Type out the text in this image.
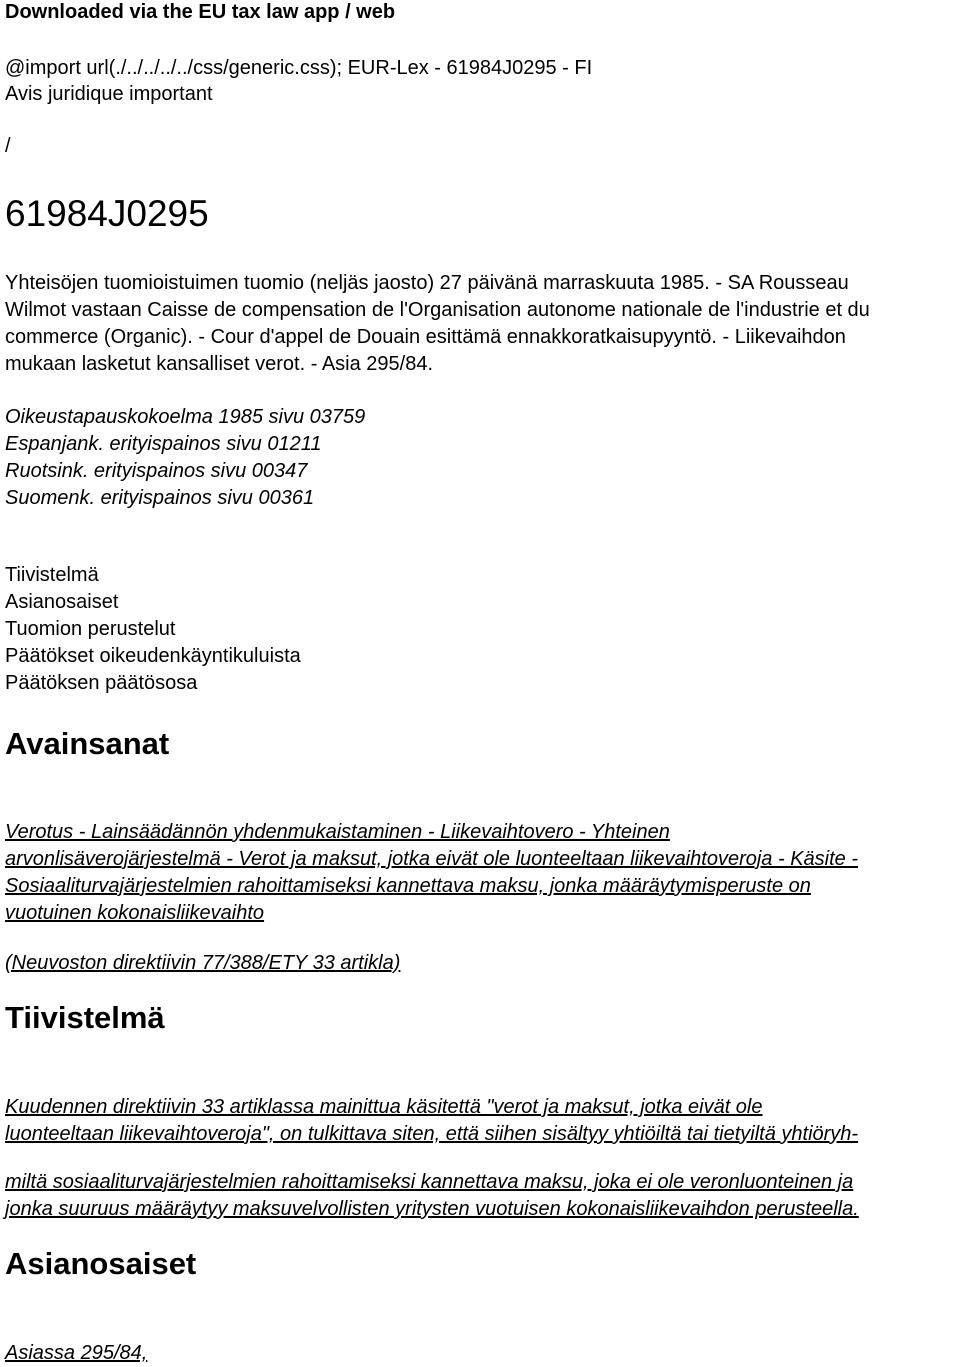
Downloaded via the EU tax law app / web
@import url(./../../../../css/generic.css); EUR-Lex - 61984J0295 - FI
Avis juridique important
/
61984J0295
Yhteisöjen tuomioistuimen tuomio (neljäs jaosto) 27 päivänä marraskuuta 1985. - SA Rousseau
Wilmot vastaan Caisse de compensation de l'Organisation autonome nationale de l'industrie et du
commerce (Organic). - Cour d'appel de Douain esittämä ennakkoratkaisupyyntö. - Liikevaihdon
mukaan lasketut kansalliset verot. - Asia 295/84.
Oikeustapauskokoelma 1985 sivu 03759
Espanjank. erityispainos sivu 01211
Ruotsink. erityispainos sivu 00347
Suomenk. erityispainos sivu 00361
Tiivistelmä
Asianosaiset
Tuomion perustelut
Päätökset oikeudenkäyntikuluista
Päätöksen päätösosa
Avainsanat
Verotus - Lainsäädännön yhdenmukaistaminen - Liikevaihtovero - Yhteinen
arvonlisäverojärjestelmä - Verot ja maksut, jotka eivät ole luonteeltaan liikevaihtoveroja - Käsite -
Sosiaaliturvajärjestelmien rahoittamiseksi kannettava maksu, jonka määräytymisperuste on
vuotuinen kokonaisliikevaihto
(Neuvoston direktiivin 77/388/ETY 33 artikla)
Tiivistelmä
Kuudennen direktiivin 33 artiklassa mainittua käsitettä "verot ja maksut, jotka eivät ole
luonteeltaan liikevaihtoveroja", on tulkittava siten, että siihen sisältyy yhtiöiltä tai tietyiltä yhtiöryh-
miltä sosiaaliturvajärjestelmien rahoittamiseksi kannettava maksu, joka ei ole veronluonteinen ja
jonka suuruus määräytyy maksuvelvollisten yritysten vuotuisen kokonaisliikevaihdon perusteella.
Asianosaiset
Asiassa 295/84,
